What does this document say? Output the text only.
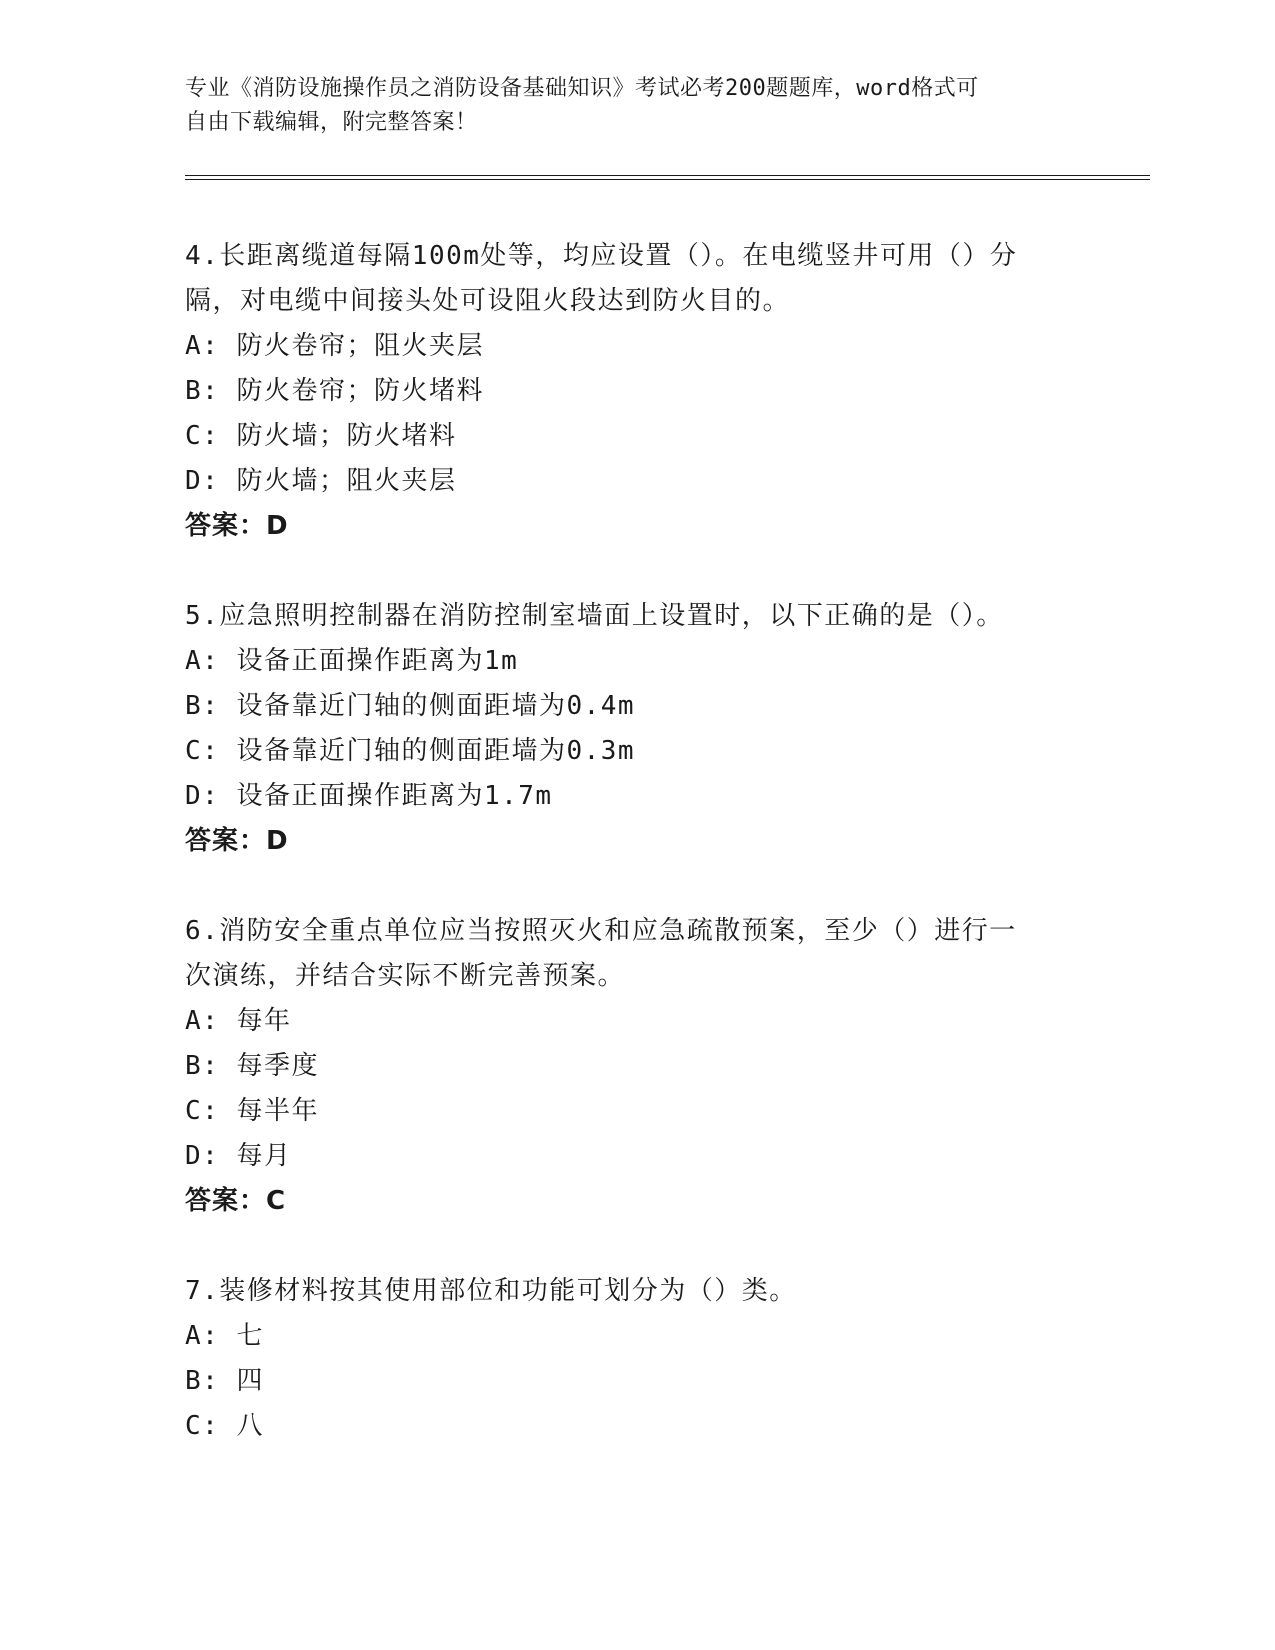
专业《消防设施操作员之消防设备基础知识》考试必考200题题库，word格式可
自由下载编辑，附完整答案！
4.长距离缆道每隔100m处等，均应设置（）。在电缆竖井可用（）分
隔，对电缆中间接头处可设阻火段达到防火目的。
A: 防火卷帘；阻火夹层
B: 防火卷帘；防火堵料
C: 防火墙；防火堵料
D: 防火墙；阻火夹层
答案：D
5.应急照明控制器在消防控制室墙面上设置时，以下正确的是（）。
A: 设备正面操作距离为1m
B: 设备靠近门轴的侧面距墙为0.4m
C: 设备靠近门轴的侧面距墙为0.3m
D: 设备正面操作距离为1.7m
答案：D
6.消防安全重点单位应当按照灭火和应急疏散预案，至少（）进行一
次演练，并结合实际不断完善预案。
A: 每年
B: 每季度
C: 每半年
D: 每月
答案：C
7.装修材料按其使用部位和功能可划分为（）类。
A: 七
B: 四
C: 八
